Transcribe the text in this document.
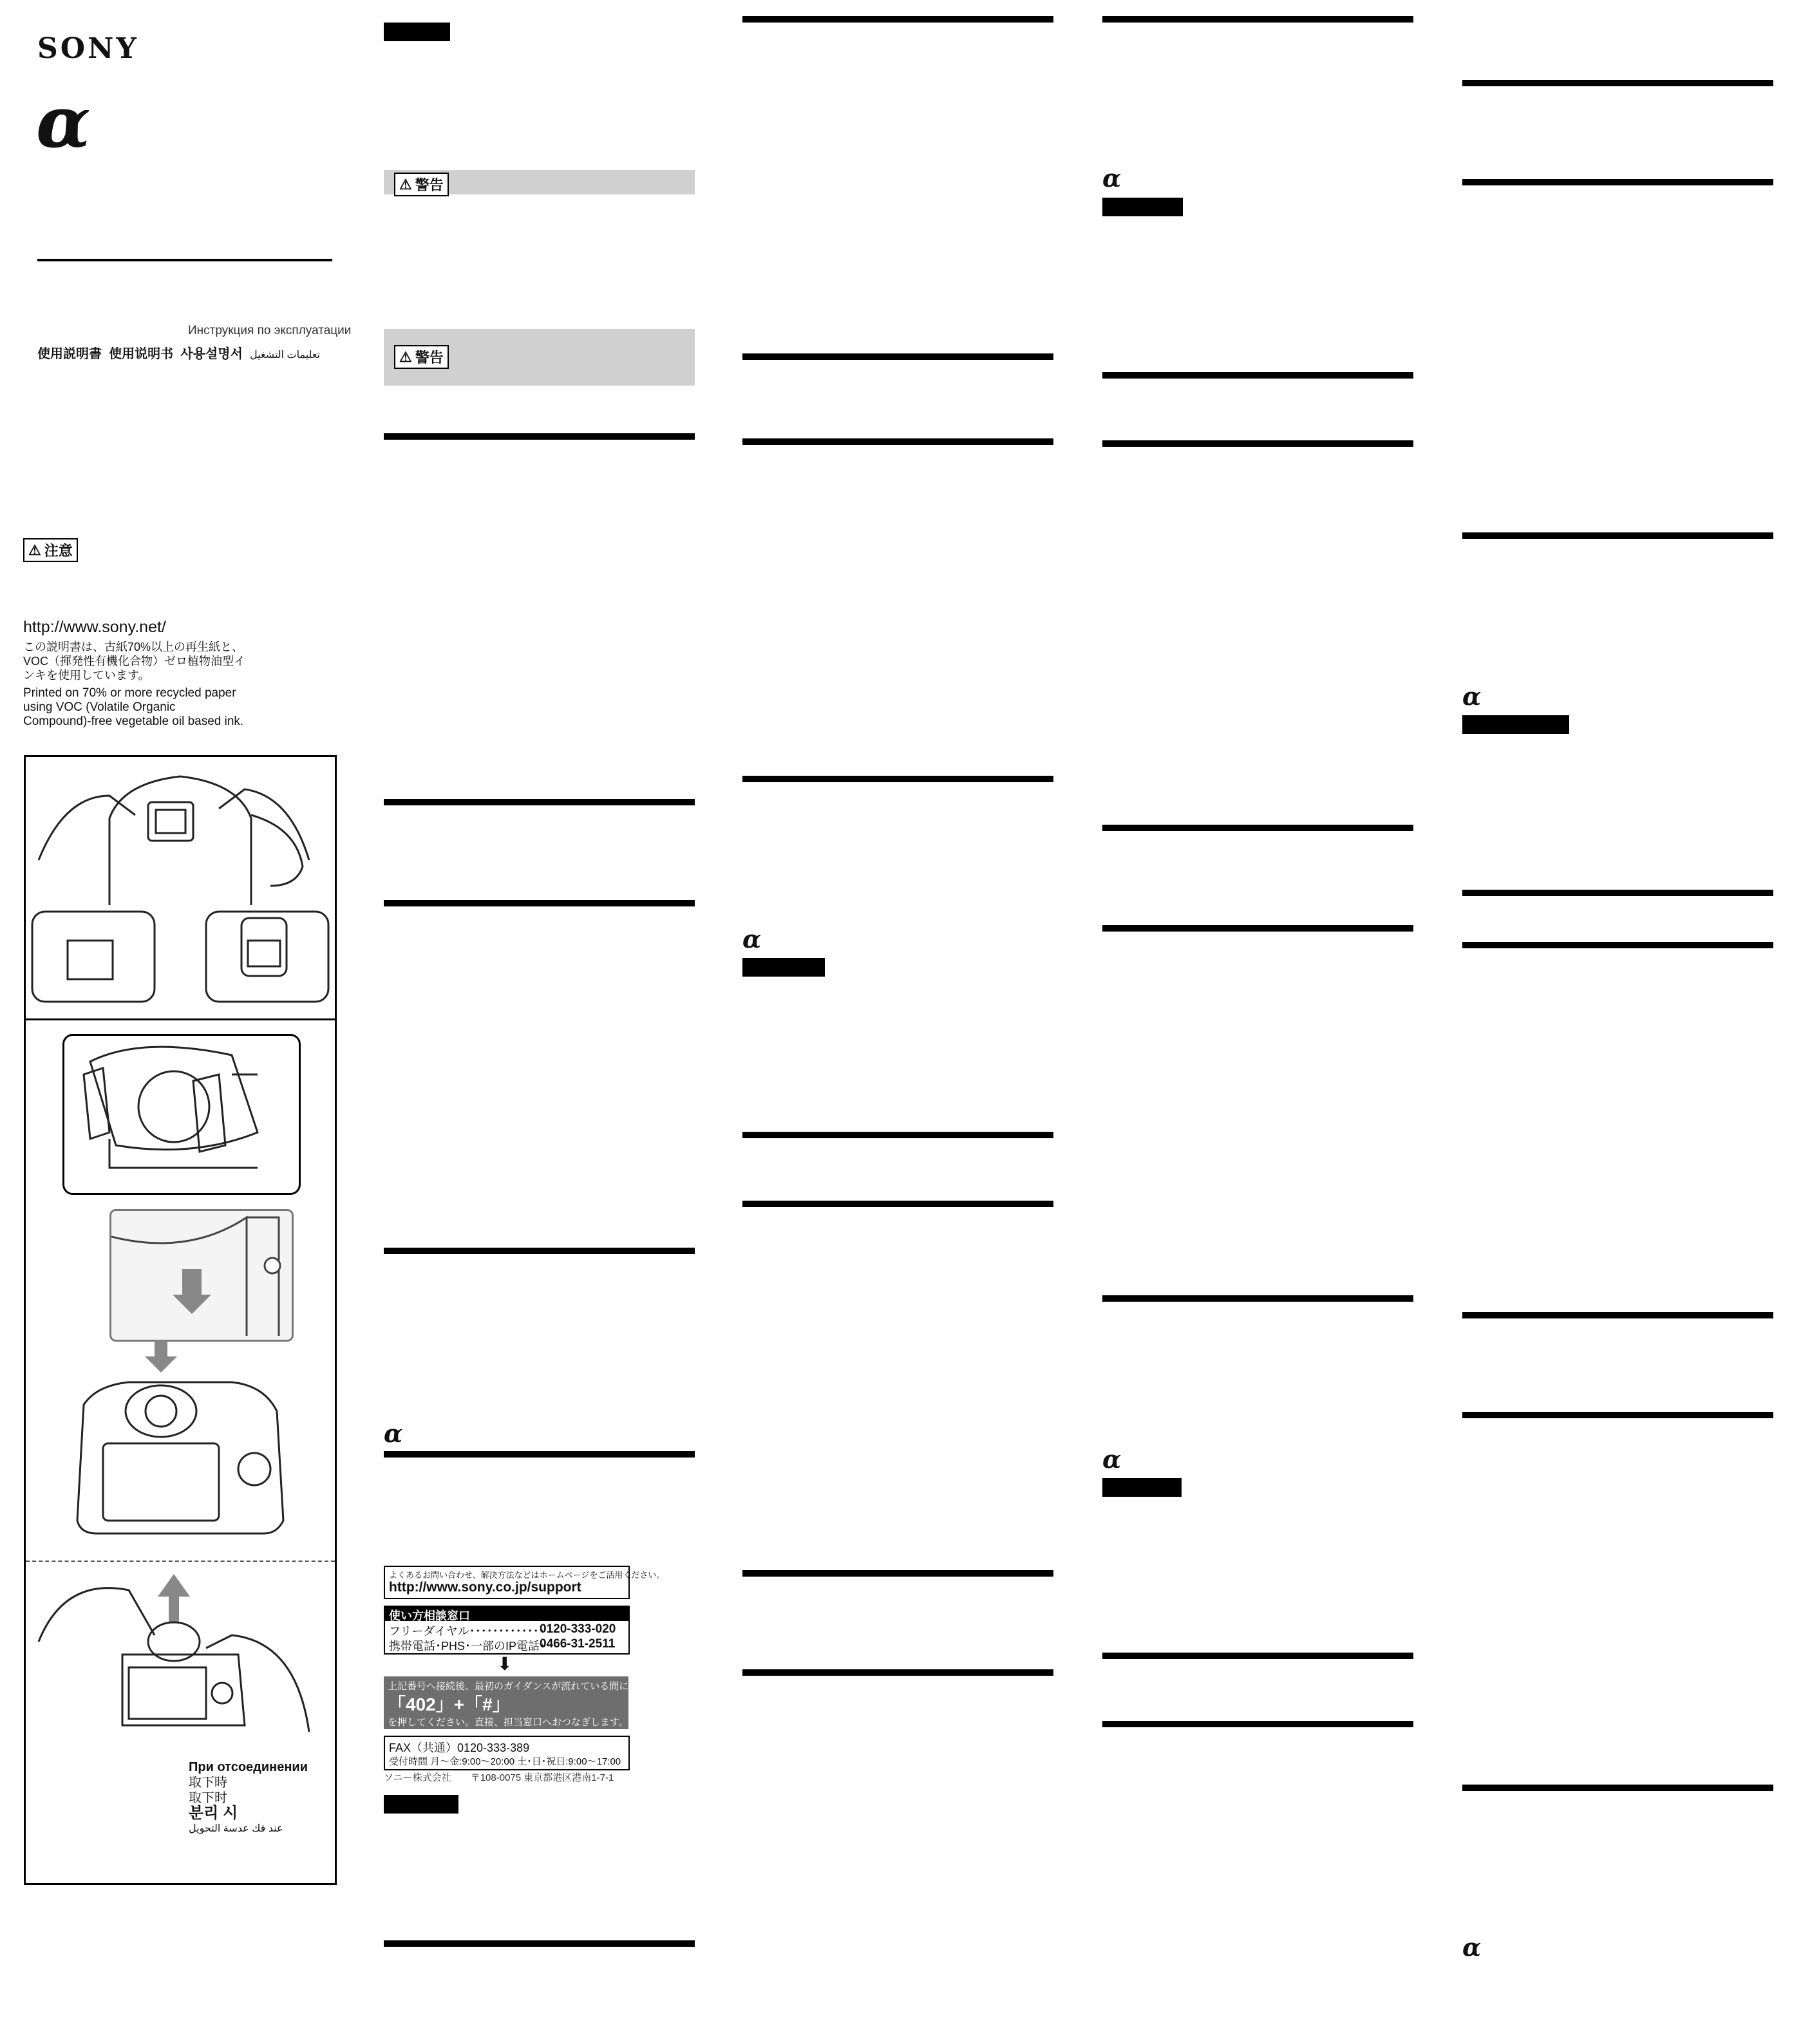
SONY
α
Инструкция по эксплуатации
使用説明書 使用说明书 사용설명서 تعليمات التشغيل
⚠ 注意
http://www.sony.net/
この説明書は、古紙70%以上の再生紙と、
VOC（揮発性有機化合物）ゼロ植物油型イ
ンキを使用しています。
Printed on 70% or more recycled paper
using VOC (Volatile Organic
Compound)-free vegetable oil based ink.
При отсоединении
取下時
取下时
분리 시
عند فك عدسة التحويل
⚠ 警告
⚠ 警告
α
よくあるお問い合わせ、解決方法などはホームページをご活用ください。
http://www.sony.co.jp/support
使い方相談窓口
フリーダイヤル･････････････
0120-333-020
携帯電話･PHS･一部のIP電話･･
0466-31-2511
⬇
上記番号へ接続後、最初のガイダンスが流れている間に
「402」+「#」
を押してください。直接、担当窓口へおつなぎします。
FAX（共通）0120-333-389
受付時間 月～金:9:00～20:00 土･日･祝日:9:00～17:00
ソニー株式会社　　〒108-0075 東京都港区港南1-7-1
α
α
α
α
α
